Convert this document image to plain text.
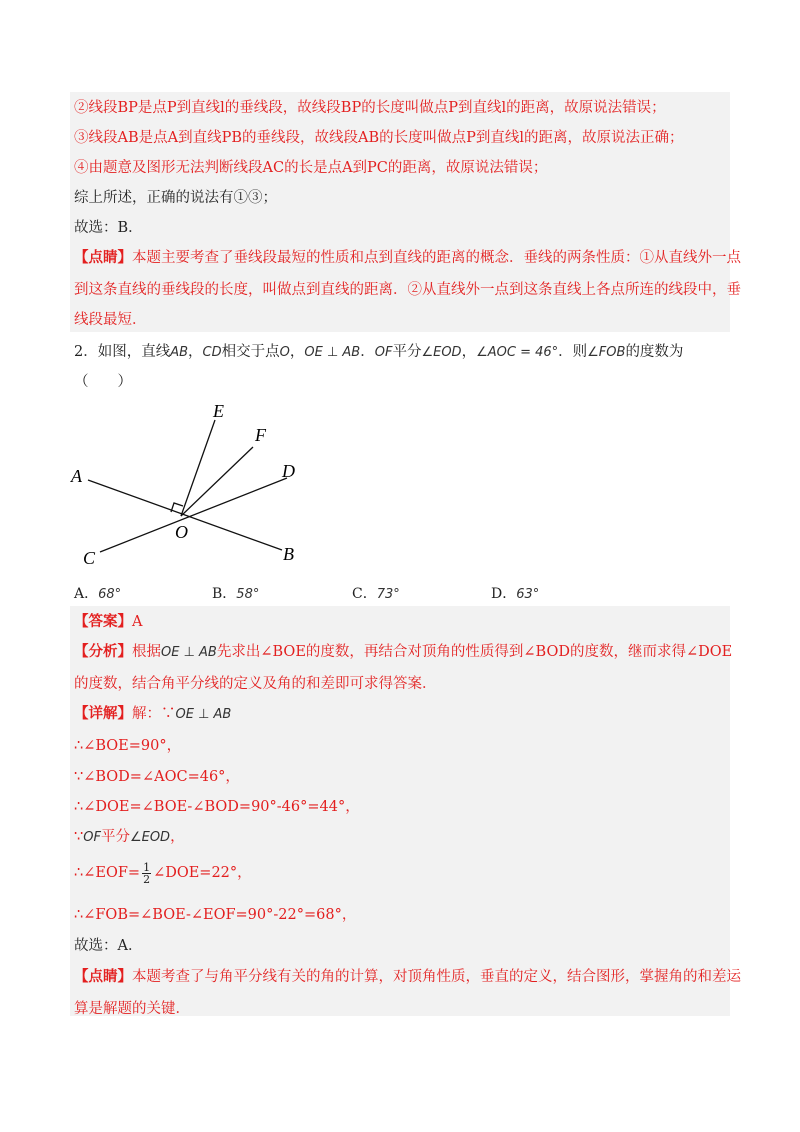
②线段BP是点P到直线l的垂线段，故线段BP的长度叫做点P到直线l的距离，故原说法错误；
③线段AB是点A到直线PB的垂线段，故线段AB的长度叫做点P到直线l的距离，故原说法正确；
④由题意及图形无法判断线段AC的长是点A到PC的距离，故原说法错误；
综上所述，正确的说法有①③；
故选：B．
【点睛】本题主要考查了垂线段最短的性质和点到直线的距离的概念．垂线的两条性质：①从直线外一点
到这条直线的垂线段的长度，叫做点到直线的距离．②从直线外一点到这条直线上各点所连的线段中，垂
线段最短．
2．如图，直线AB，CD相交于点O，OE ⊥ AB．OF平分∠EOD，∠AOC = 46°．则∠FOB的度数为
（　　）
E
F
D
A
O
C	B
A．68°	B．58°	C．73°	D．63°
【答案】A
【分析】根据OE ⊥ AB先求出∠BOE的度数，再结合对顶角的性质得到∠BOD的度数，继而求得∠DOE
的度数，结合角平分线的定义及角的和差即可求得答案．
【详解】解：∵OE ⊥ AB
∴∠BOE=90°，
∵∠BOD=∠AOC=46°，
∴∠DOE=∠BOE-∠BOD=90°-46°=44°，
∵OF平分∠EOD，
∴∠EOF= $\frac{1}{2}$ ∠DOE=22°，
∴∠FOB=∠BOE-∠EOF=90°-22°=68°，
故选：A．
【点睛】本题考查了与角平分线有关的角的计算，对顶角性质，垂直的定义，结合图形，掌握角的和差运
算是解题的关键．
